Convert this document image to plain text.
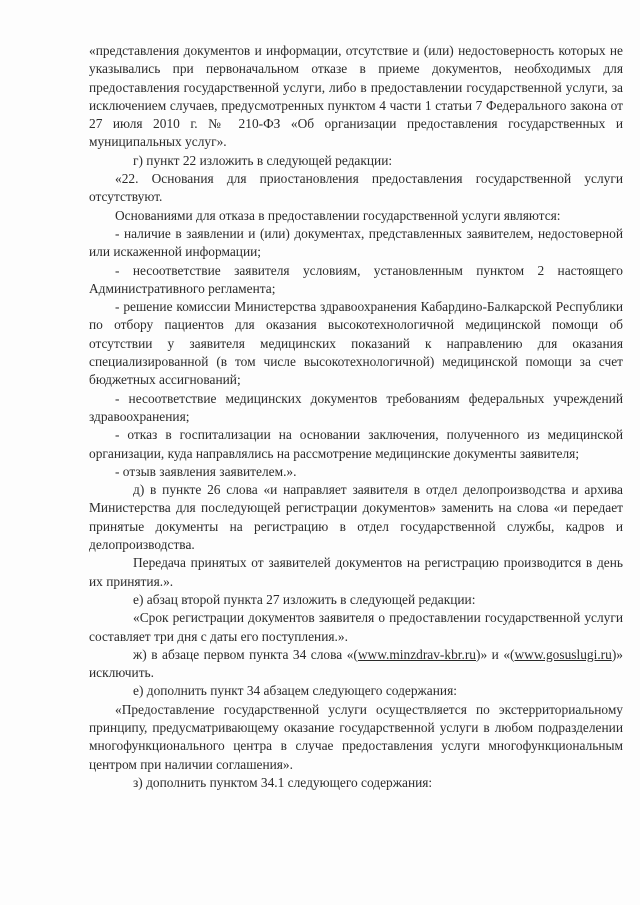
«представления документов и информации, отсутствие и (или) недостоверность которых не указывались при первоначальном отказе в приеме документов, необходимых для предоставления государственной услуги, либо в предоставлении государственной услуги, за исключением случаев, предусмотренных пунктом 4 части 1 статьи 7 Федерального закона от 27 июля 2010 г. № 210-ФЗ «Об организации предоставления государственных и муниципальных услуг».

г) пункт 22 изложить в следующей редакции:

«22. Основания для приостановления предоставления государственной услуги отсутствуют.

Основаниями для отказа в предоставлении государственной услуги являются:

- наличие в заявлении и (или) документах, представленных заявителем, недостоверной или искаженной информации;

- несоответствие заявителя условиям, установленным пунктом 2 настоящего Административного регламента;

- решение комиссии Министерства здравоохранения Кабардино-Балкарской Республики по отбору пациентов для оказания высокотехнологичной медицинской помощи об отсутствии у заявителя медицинских показаний к направлению для оказания специализированной (в том числе высокотехнологичной) медицинской помощи за счет бюджетных ассигнований;

- несоответствие медицинских документов требованиям федеральных учреждений здравоохранения;

- отказ в госпитализации на основании заключения, полученного из медицинской организации, куда направлялись на рассмотрение медицинские документы заявителя;

- отзыв заявления заявителем.».

д) в пункте 26 слова «и направляет заявителя в отдел делопроизводства и архива Министерства для последующей регистрации документов» заменить на слова «и передает принятые документы на регистрацию в отдел государственной службы, кадров и делопроизводства.

Передача принятых от заявителей документов на регистрацию производится в день их принятия.».

е) абзац второй пункта 27 изложить в следующей редакции:

«Срок регистрации документов заявителя о предоставлении государственной услуги составляет три дня с даты его поступления.».

ж) в абзаце первом пункта 34 слова «(www.minzdrav-kbr.ru)» и «(www.gosuslugi.ru)» исключить.

е) дополнить пункт 34 абзацем следующего содержания:

«Предоставление государственной услуги осуществляется по экстерриториальному принципу, предусматривающему оказание государственной услуги в любом подразделении многофункционального центра в случае предоставления услуги многофункциональным центром при наличии соглашения».

з) дополнить пунктом 34.1 следующего содержания:
